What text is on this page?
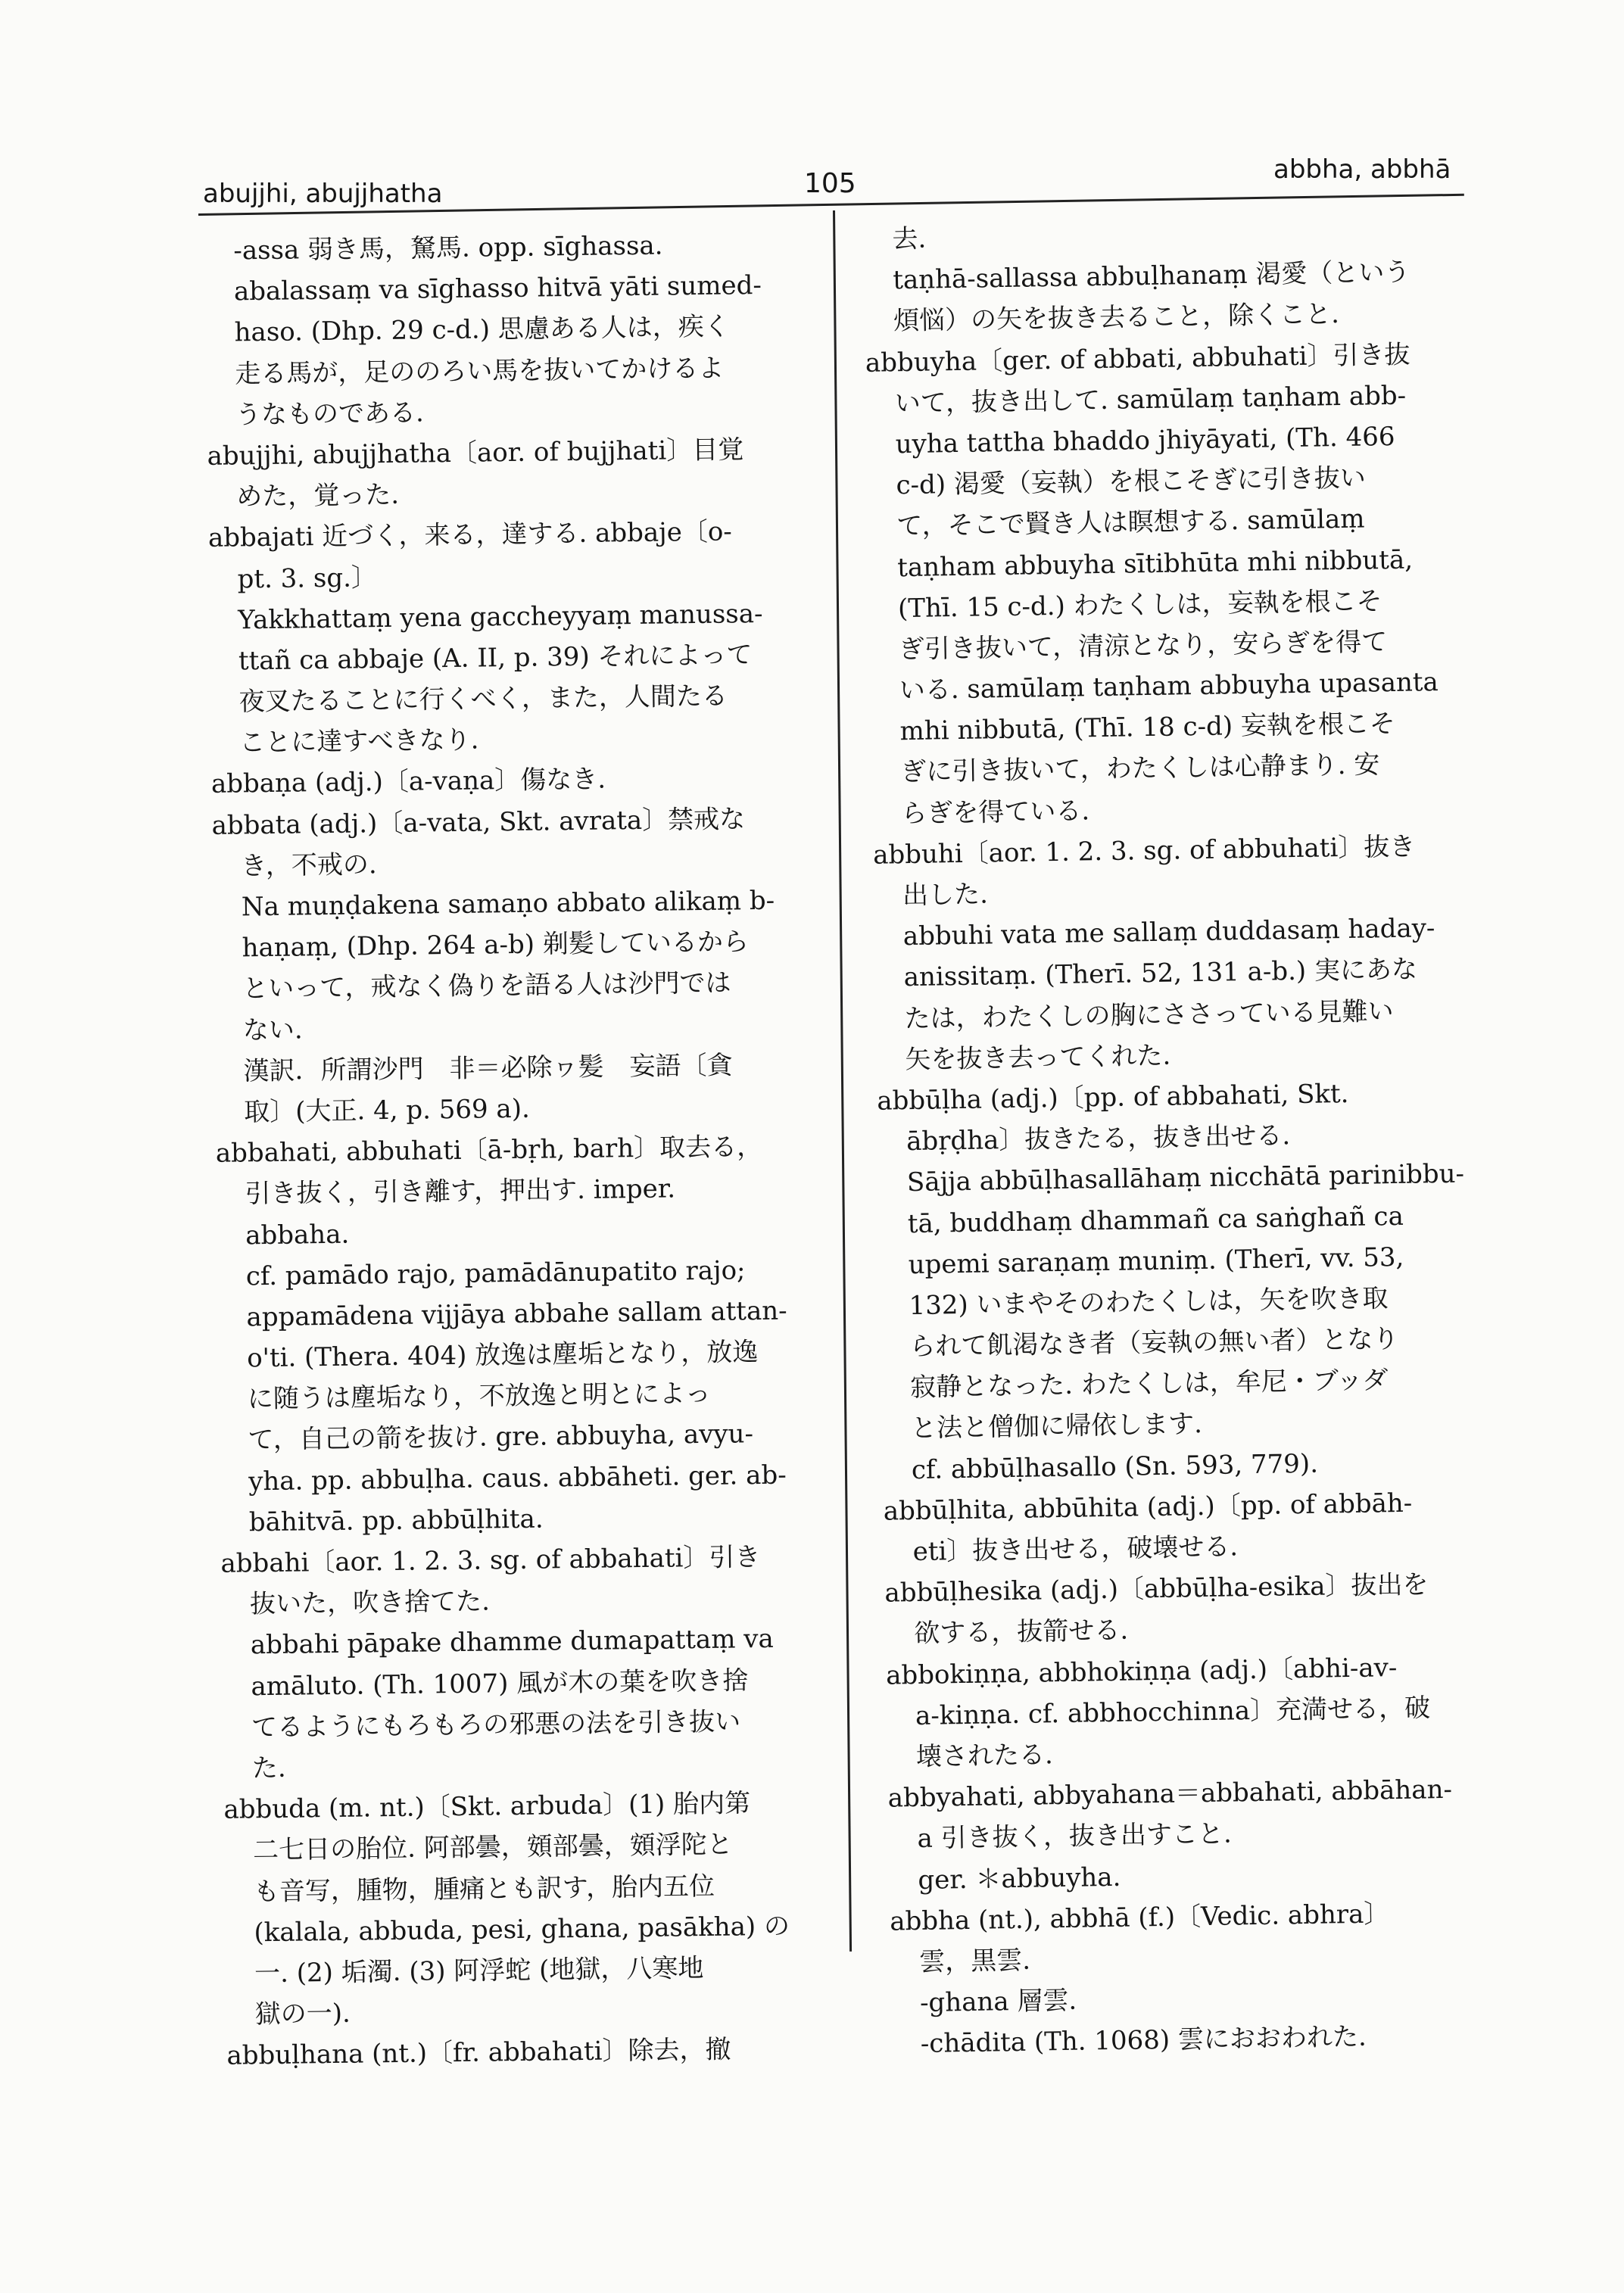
abujjhi, abujjhatha	105	abbha, abbhā
-assa 弱き馬，駑馬. opp. sīghassa.
abalassaṃ va sīghasso hitvā yāti sumed-
haso. (Dhp. 29 c-d.) 思慮ある人は，疾く
走る馬が，足ののろい馬を抜いてかけるよ
うなものである.
abujjhi, abujjhatha〔aor. of bujjhati〕目覚
めた，覚った.
abbajati 近づく，来る，達する. abbaje〔o-
pt. 3. sg.〕
Yakkhattaṃ yena gaccheyyaṃ manussa-
ttañ ca abbaje (A. II, p. 39) それによって
夜叉たることに行くべく，また，人間たる
ことに達すべきなり.
abbaṇa (adj.)〔a-vaṇa〕傷なき.
abbata (adj.)〔a-vata, Skt. avrata〕禁戒な
き，不戒の.
Na muṇḍakena samaṇo abbato alikaṃ b-
haṇaṃ, (Dhp. 264 a-b) 剃髪しているから
といって，戒なく偽りを語る人は沙門では
ない.
漢訳．所謂沙門　非＝必除ヮ髪　妄語〔貪
取〕(大正. 4, p. 569 a).
abbahati, abbuhati〔ā-bṛh, barh〕取去る，
引き抜く，引き離す，押出す. imper.
abbaha.
cf. pamādo rajo, pamādānupatito rajo;
appamādena vijjāya abbahe sallam attan-
o'ti. (Thera. 404) 放逸は塵垢となり，放逸
に随うは塵垢なり，不放逸と明とによっ
て，自己の箭を抜け. gre. abbuyha, avyu-
yha. pp. abbuḷha. caus. abbāheti. ger. ab-
bāhitvā. pp. abbūḷhita.
abbahi〔aor. 1. 2. 3. sg. of abbahati〕引き
抜いた，吹き捨てた.
abbahi pāpake dhamme dumapattaṃ va
amāluto. (Th. 1007) 風が木の葉を吹き捨
てるようにもろもろの邪悪の法を引き抜い
た.
abbuda (m. nt.)〔Skt. arbuda〕(1) 胎内第
二七日の胎位. 阿部曇，頞部曇，頞浮陀と
も音写，腫物，腫痛とも訳す，胎内五位
(kalala, abbuda, pesi, ghana, pasākha) の
一. (2) 垢濁. (3) 阿浮蛇 (地獄，八寒地
獄の一).
abbuḷhana (nt.)〔fr. abbahati〕除去，撤
去.
taṇhā-sallassa abbuḷhanaṃ 渇愛（という
煩悩）の矢を抜き去ること，除くこと.
abbuyha〔ger. of abbati, abbuhati〕引き抜
いて，抜き出して. samūlaṃ taṇham abb-
uyha tattha bhaddo jhiyāyati, (Th. 466
c-d) 渇愛（妄執）を根こそぎに引き抜い
て，そこで賢き人は瞑想する. samūlaṃ
taṇham abbuyha sītibhūta mhi nibbutā,
(Thī. 15 c-d.) わたくしは，妄執を根こそ
ぎ引き抜いて，清涼となり，安らぎを得て
いる. samūlaṃ taṇham abbuyha upasanta
mhi nibbutā, (Thī. 18 c-d) 妄執を根こそ
ぎに引き抜いて，わたくしは心静まり. 安
らぎを得ている.
abbuhi〔aor. 1. 2. 3. sg. of abbuhati〕抜き
出した.
abbuhi vata me sallaṃ duddasaṃ haday-
anissitaṃ. (Therī. 52, 131 a-b.) 実にあな
たは，わたくしの胸にささっている見難い
矢を抜き去ってくれた.
abbūḷha (adj.)〔pp. of abbahati, Skt.
ābṛḍha〕抜きたる，抜き出せる.
Sājja abbūḷhasallāhaṃ nicchātā parinibbu-
tā, buddhaṃ dhammañ ca saṅghañ ca
upemi saraṇaṃ muniṃ. (Therī, vv. 53,
132) いまやそのわたくしは，矢を吹き取
られて飢渇なき者（妄執の無い者）となり
寂静となった. わたくしは，牟尼・ブッダ
と法と僧伽に帰依します.
cf. abbūḷhasallo (Sn. 593, 779).
abbūḷhita, abbūhita (adj.)〔pp. of abbāh-
eti〕抜き出せる，破壊せる.
abbūḷhesika (adj.)〔abbūḷha-esika〕抜出を
欲する，抜箭せる.
abbokiṇṇa, abbhokiṇṇa (adj.)〔abhi-av-
a-kiṇṇa. cf. abbhocchinna〕充満せる，破
壊されたる.
abbyahati, abbyahana＝abbahati, abbāhan-
a 引き抜く，抜き出すこと.
ger. ＊abbuyha.
abbha (nt.), abbhā (f.)〔Vedic. abhra〕
雲，黒雲.
-ghana 層雲.
-chādita (Th. 1068) 雲におおわれた.
